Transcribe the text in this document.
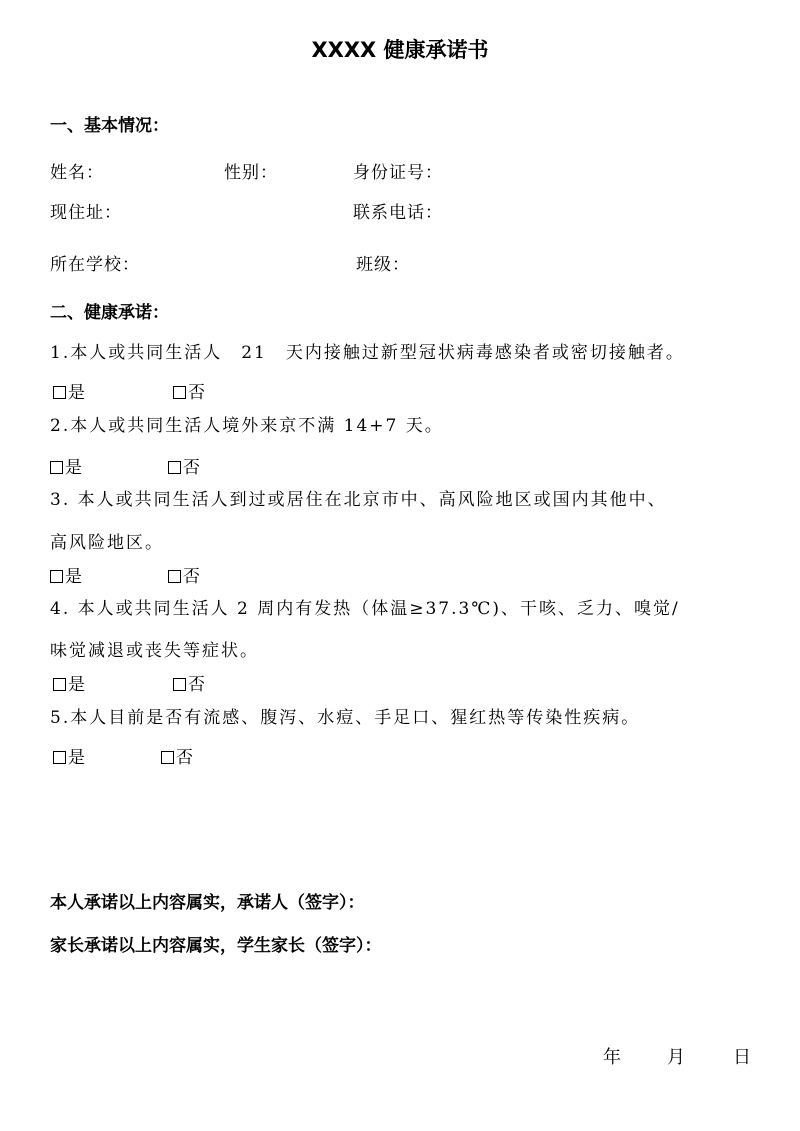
XXXX 健康承诺书
一、基本情况：
姓名：	性别：	身份证号：
现住址：	联系电话：
所在学校：	班级：
二、健康承诺：
1.本人或共同生活人　21　天内接触过新型冠状病毒感染者或密切接触者。
是	否
2.本人或共同生活人境外来京不满 14+7 天。
是	否
3. 本人或共同生活人到过或居住在北京市中、高风险地区或国内其他中、
高风险地区。
是	否
4. 本人或共同生活人 2 周内有发热（体温≥37.3℃)、干咳、乏力、嗅觉/
味觉减退或丧失等症状。
是	否
5.本人目前是否有流感、腹泻、水痘、手足口、猩红热等传染性疾病。
是	否
本人承诺以上内容属实，承诺人（签字）：
家长承诺以上内容属实，学生家长（签字）：
年	月	日
